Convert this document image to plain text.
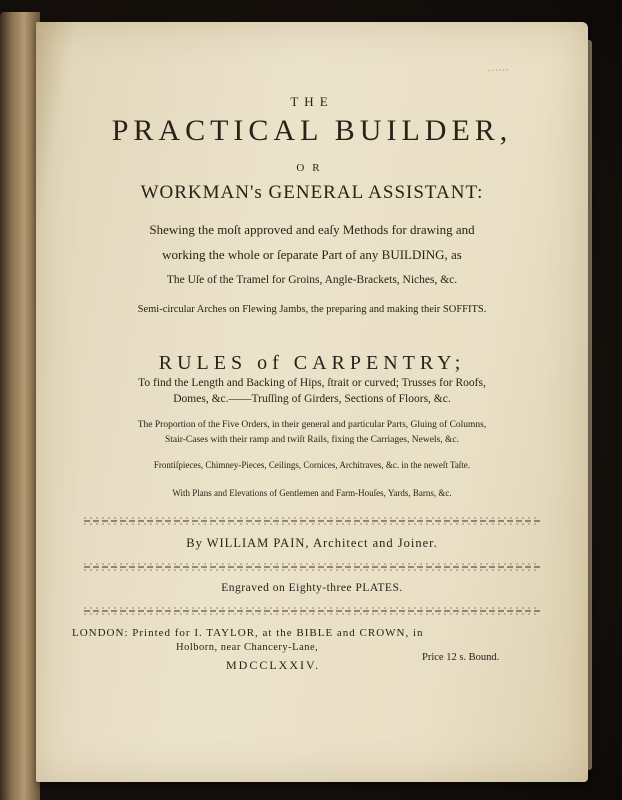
……
THE
PRACTICAL BUILDER,
OR
WORKMAN's GENERAL ASSISTANT:
Shewing the moſt approved and eaſy Methods for drawing and
working the whole or ſeparate Part of any BUILDING, as
The Uſe of the Tramel for Groins, Angle-Brackets, Niches, &c.
Semi-circular Arches on Flewing Jambs, the preparing and making their SOFFITS.
RULES of CARPENTRY;
To find the Length and Backing of Hips, ſtrait or curved; Trusses for Roofs,
Domes, &c.——Truſſing of Girders, Sections of Floors, &c.
The Proportion of the Five Orders, in their general and particular Parts, Gluing of Columns,
Stair-Cases with their ramp and twiſt Rails, fixing the Carriages, Newels, &c.
Frontiſpieces, Chimney-Pieces, Ceilings, Cornices, Architraves, &c. in the neweſt Taſte.
With Plans and Elevations of Gentlemen and Farm-Houſes, Yards, Barns, &c.
By WILLIAM PAIN, Architect and Joiner.
Engraved on Eighty-three PLATES.
LONDON: Printed for I. TAYLOR, at the BIBLE and CROWN, in
Holborn, near Chancery-Lane,
MDCCLXXIV.
Price 12 s. Bound.
